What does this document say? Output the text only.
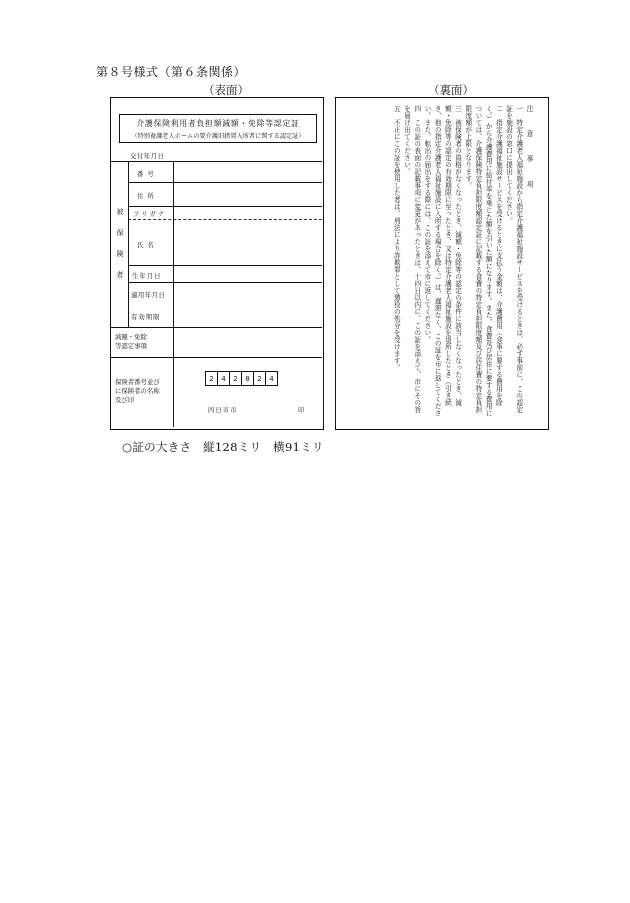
第８号様式（第６条関係）
（表面）	（裏面）
介護保険利用者負担額減額・免除等認定証
（特別養護老人ホームの要介護旧措置入所者に関する認定証）
交付年月日
被
保
険
者
番号
住所
フリガナ
氏名
生年月日
適用年月日
有効期限
減額・免除
等認定事項
保険者番号並び
に保険者の名称
及び印
2	4	2	0	2	4
四日市市	印

注　意　事　項

一　特定介護老人福祉施設から指定介護福祉施設サービスを受けるときは、必ず事前に、この認定証を施設の窓口に提出してください。

二　指定介護福祉施設サービスを受けるときに支払う金額は、介護費用（食事に要する費用を除く。）から介護費用に給付率を乗じた額を引いた額になります。また、食費及び居住に要する費用については、介護保険特定負担限度額認定証に記載する食費の特定負担限度額及び居住費の特定負担限度額が上限となります。

三　被保険者の資格がなくなったとき、減額・免除等の認定の条件に該当しなくなったとき、減額・免除等の認定の有効期限に至ったとき、又は特定介護老人福祉施設を退所したとき（引き続き、他の指定介護老人福祉施設に入所する場合を除く。）は、遅滞なく、この証を市に返してください。また、転出の届出をする際には、この証を添えて市に返してください。

四　この証の表面の記載事項に変更があったときは、十四日以内に、この証を添えて、市にその旨を届け出てください。

五　不正にこの証を使用した者は、刑法により詐欺罪として懲役の処分を受けます。

○証の大きさ　縦128ミリ　横91ミリ
